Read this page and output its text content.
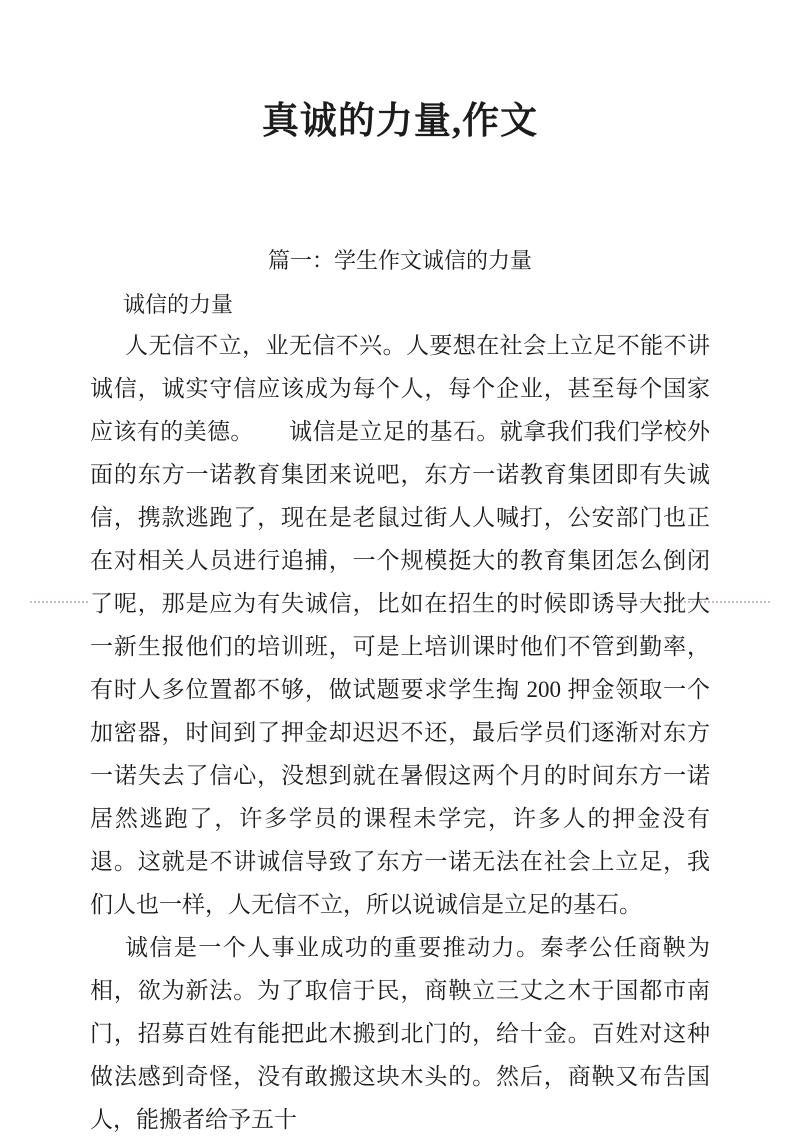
真诚的力量,作文
篇一：学生作文诚信的力量
诚信的力量

人无信不立，业无信不兴。人要想在社会上立足不能不讲诚信，诚实守信应该成为每个人，每个企业，甚至每个国家应该有的美德。　　诚信是立足的基石。就拿我们我们学校外面的东方一诺教育集团来说吧，东方一诺教育集团即有失诚信，携款逃跑了，现在是老鼠过街人人喊打，公安部门也正在对相关人员进行追捕，一个规模挺大的教育集团怎么倒闭了呢，那是应为有失诚信，比如在招生的时候即诱导大批大一新生报他们的培训班，可是上培训课时他们不管到勤率，有时人多位置都不够，做试题要求学生掏 200 押金领取一个加密器，时间到了押金却迟迟不还，最后学员们逐渐对东方一诺失去了信心，没想到就在暑假这两个月的时间东方一诺居然逃跑了，许多学员的课程未学完，许多人的押金没有退。这就是不讲诚信导致了东方一诺无法在社会上立足，我们人也一样，人无信不立，所以说诚信是立足的基石。

诚信是一个人事业成功的重要推动力。秦孝公任商鞅为相，欲为新法。为了取信于民，商鞅立三丈之木于国都市南门，招募百姓有能把此木搬到北门的，给十金。百姓对这种做法感到奇怪，没有敢搬这块木头的。然后，商鞅又布告国人，能搬者给予五十
